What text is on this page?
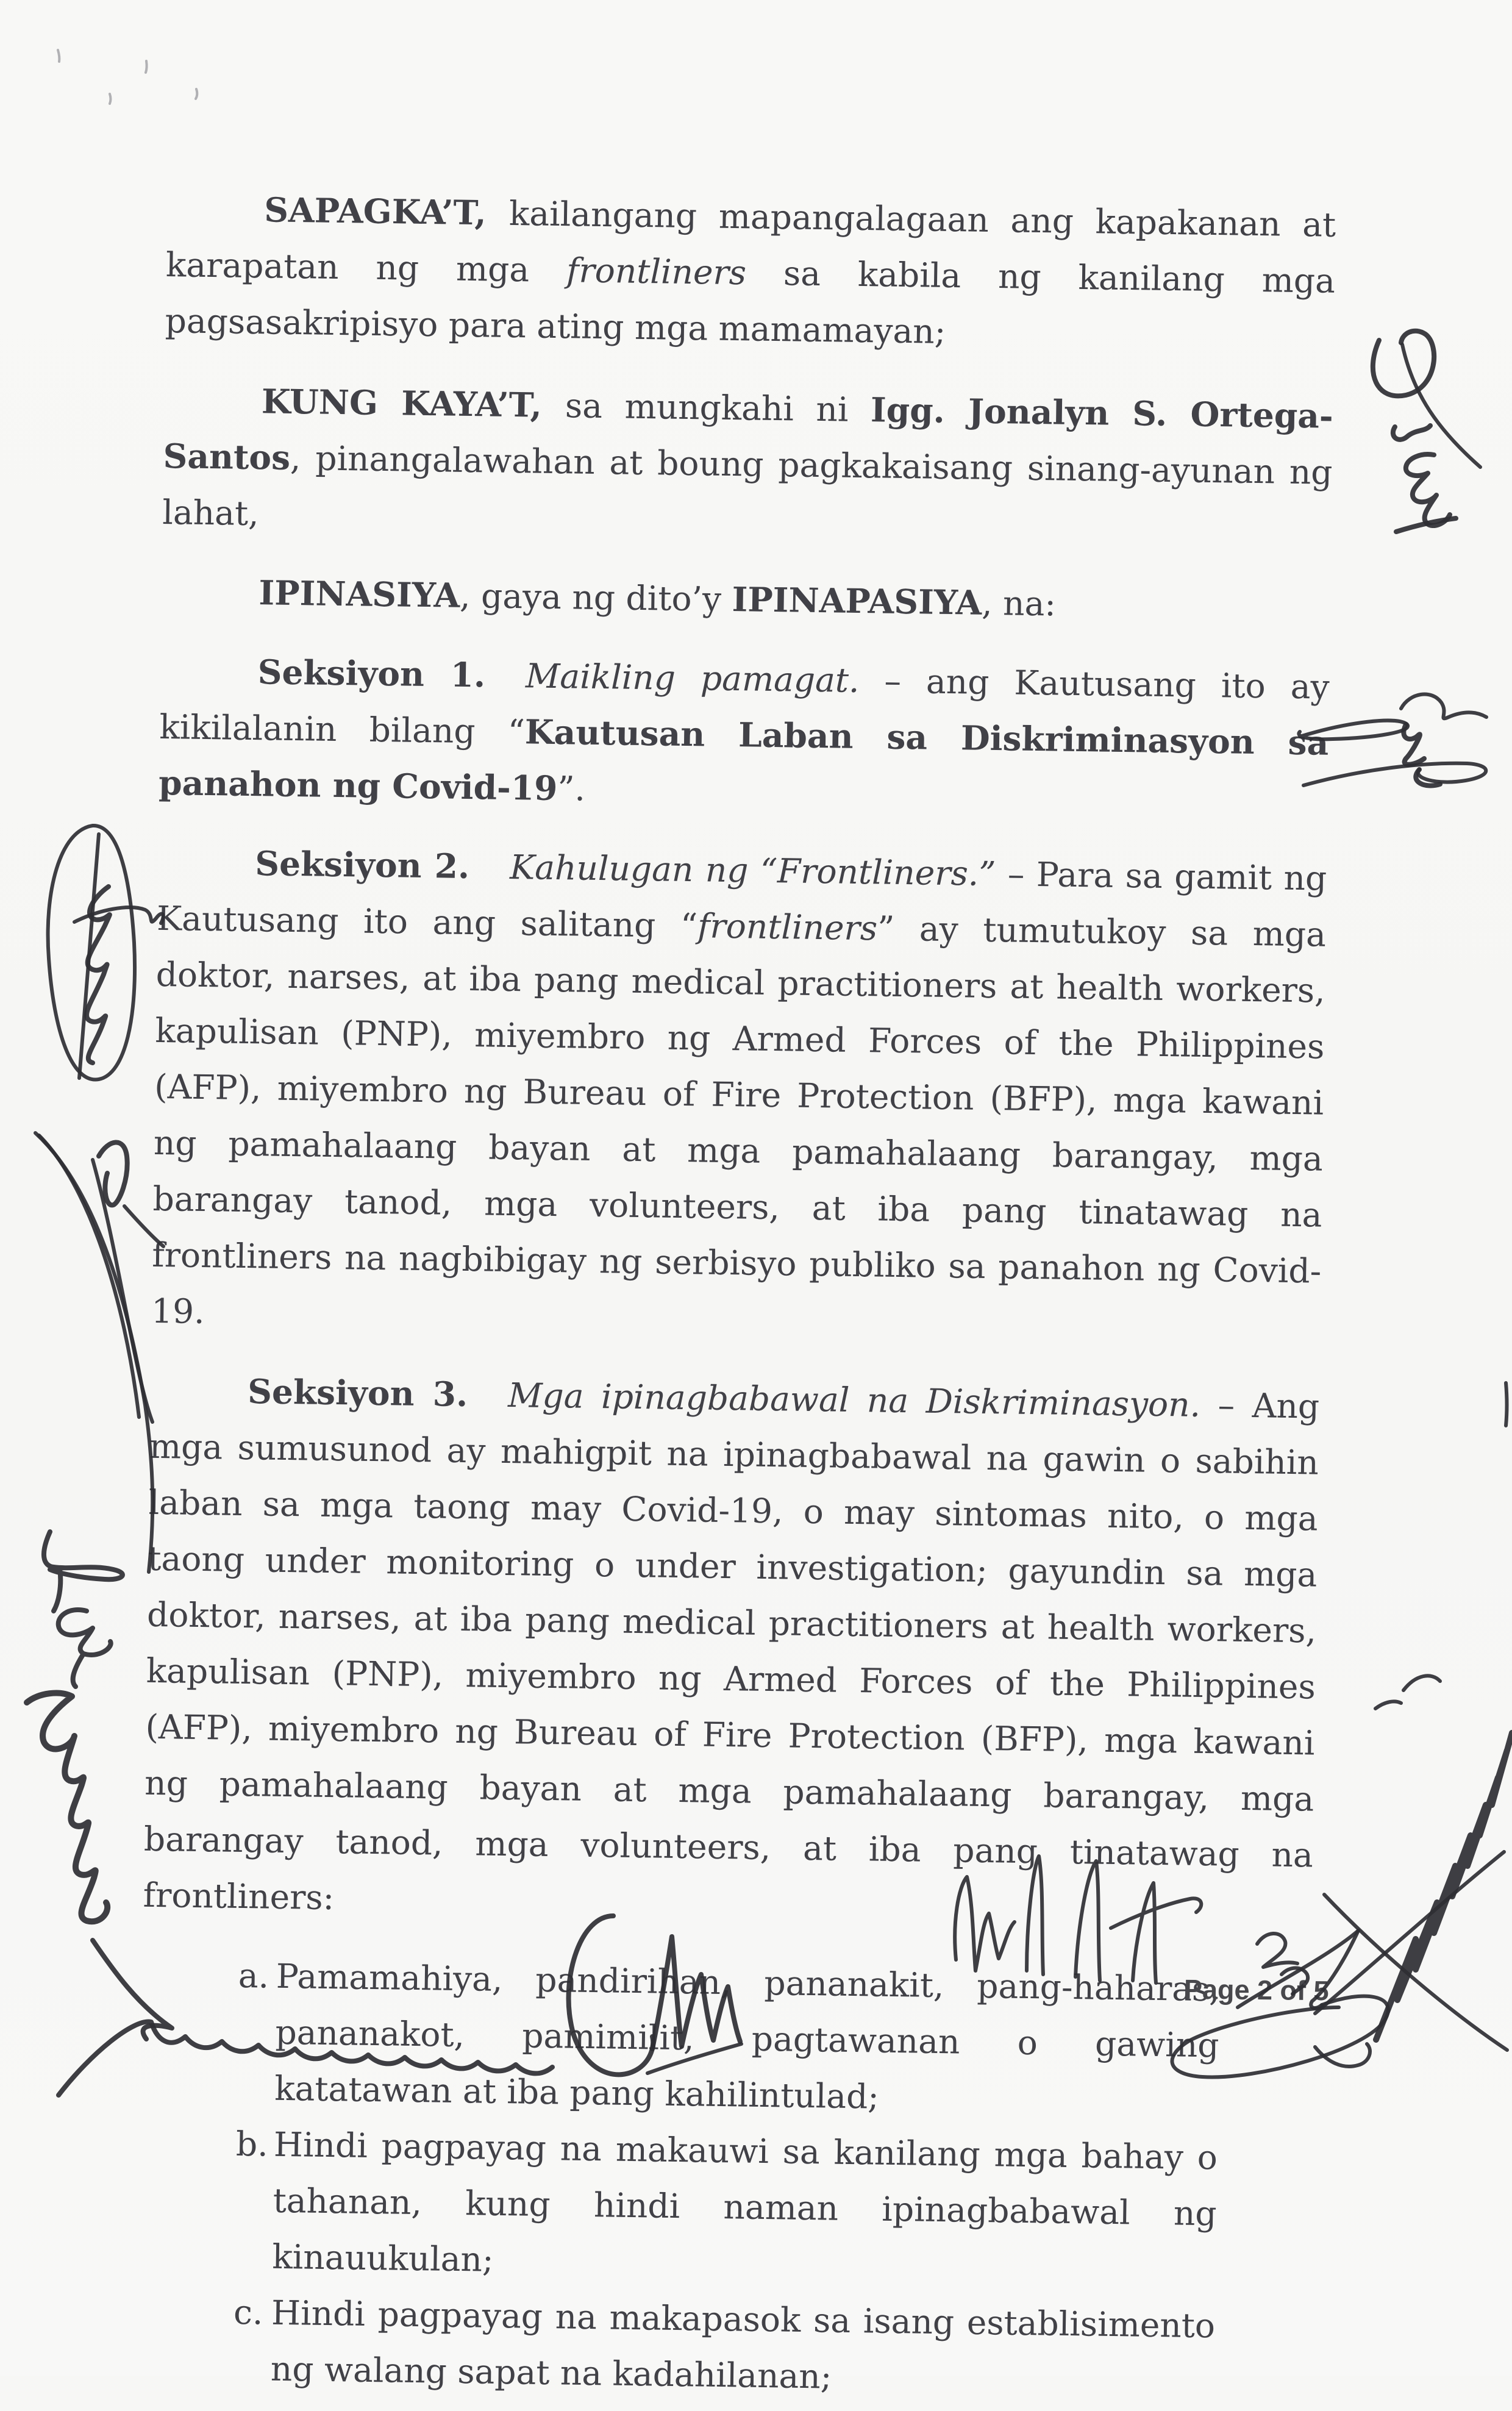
SAPAGKA’T, kailangang mapangalagaan ang kapakanan at karapatan ng mga frontliners sa kabila ng kanilang mga pagsasakripisyo para ating mga mamamayan;

KUNG KAYA’T, sa mungkahi ni Igg. Jonalyn S. Ortega-Santos, pinangalawahan at boung pagkakaisang sinang-ayunan ng lahat,

IPINASIYA, gaya ng dito’y IPINAPASIYA, na:

Seksiyon 1. Maikling pamagat. – ang Kautusang ito ay kikilalanin bilang “Kautusan Laban sa Diskriminasyon sa panahon ng Covid-19”.

Seksiyon 2. Kahulugan ng “Frontliners.” – Para sa gamit ng Kautusang ito ang salitang “frontliners” ay tumutukoy sa mga doktor, narses, at iba pang medical practitioners at health workers, kapulisan (PNP), miyembro ng Armed Forces of the Philippines (AFP), miyembro ng Bureau of Fire Protection (BFP), mga kawani ng pamahalaang bayan at mga pamahalaang barangay, mga barangay tanod, mga volunteers, at iba pang tinatawag na frontliners na nagbibigay ng serbisyo publiko sa panahon ng Covid-19.

Seksiyon 3. Mga ipinagbabawal na Diskriminasyon. – Ang mga sumusunod ay mahigpit na ipinagbabawal na gawin o sabihin laban sa mga taong may Covid-19, o may sintomas nito, o mga taong under monitoring o under investigation; gayundin sa mga doktor, narses, at iba pang medical practitioners at health workers, kapulisan (PNP), miyembro ng Armed Forces of the Philippines (AFP), miyembro ng Bureau of Fire Protection (BFP), mga kawani ng pamahalaang bayan at mga pamahalaang barangay, mga barangay tanod, mga volunteers, at iba pang tinatawag na frontliners:

a. Pamamahiya, pandirihan, pananakit, pang-haharas, pananakot, pamimilit, pagtawanan o gawing katatawan at iba pang kahilintulad;
b. Hindi pagpayag na makauwi sa kanilang mga bahay o tahanan, kung hindi naman ipinagbabawal ng kinauukulan;
c. Hindi pagpayag na makapasok sa isang establisimento ng walang sapat na kadahilanan;
Page 2 of 5
